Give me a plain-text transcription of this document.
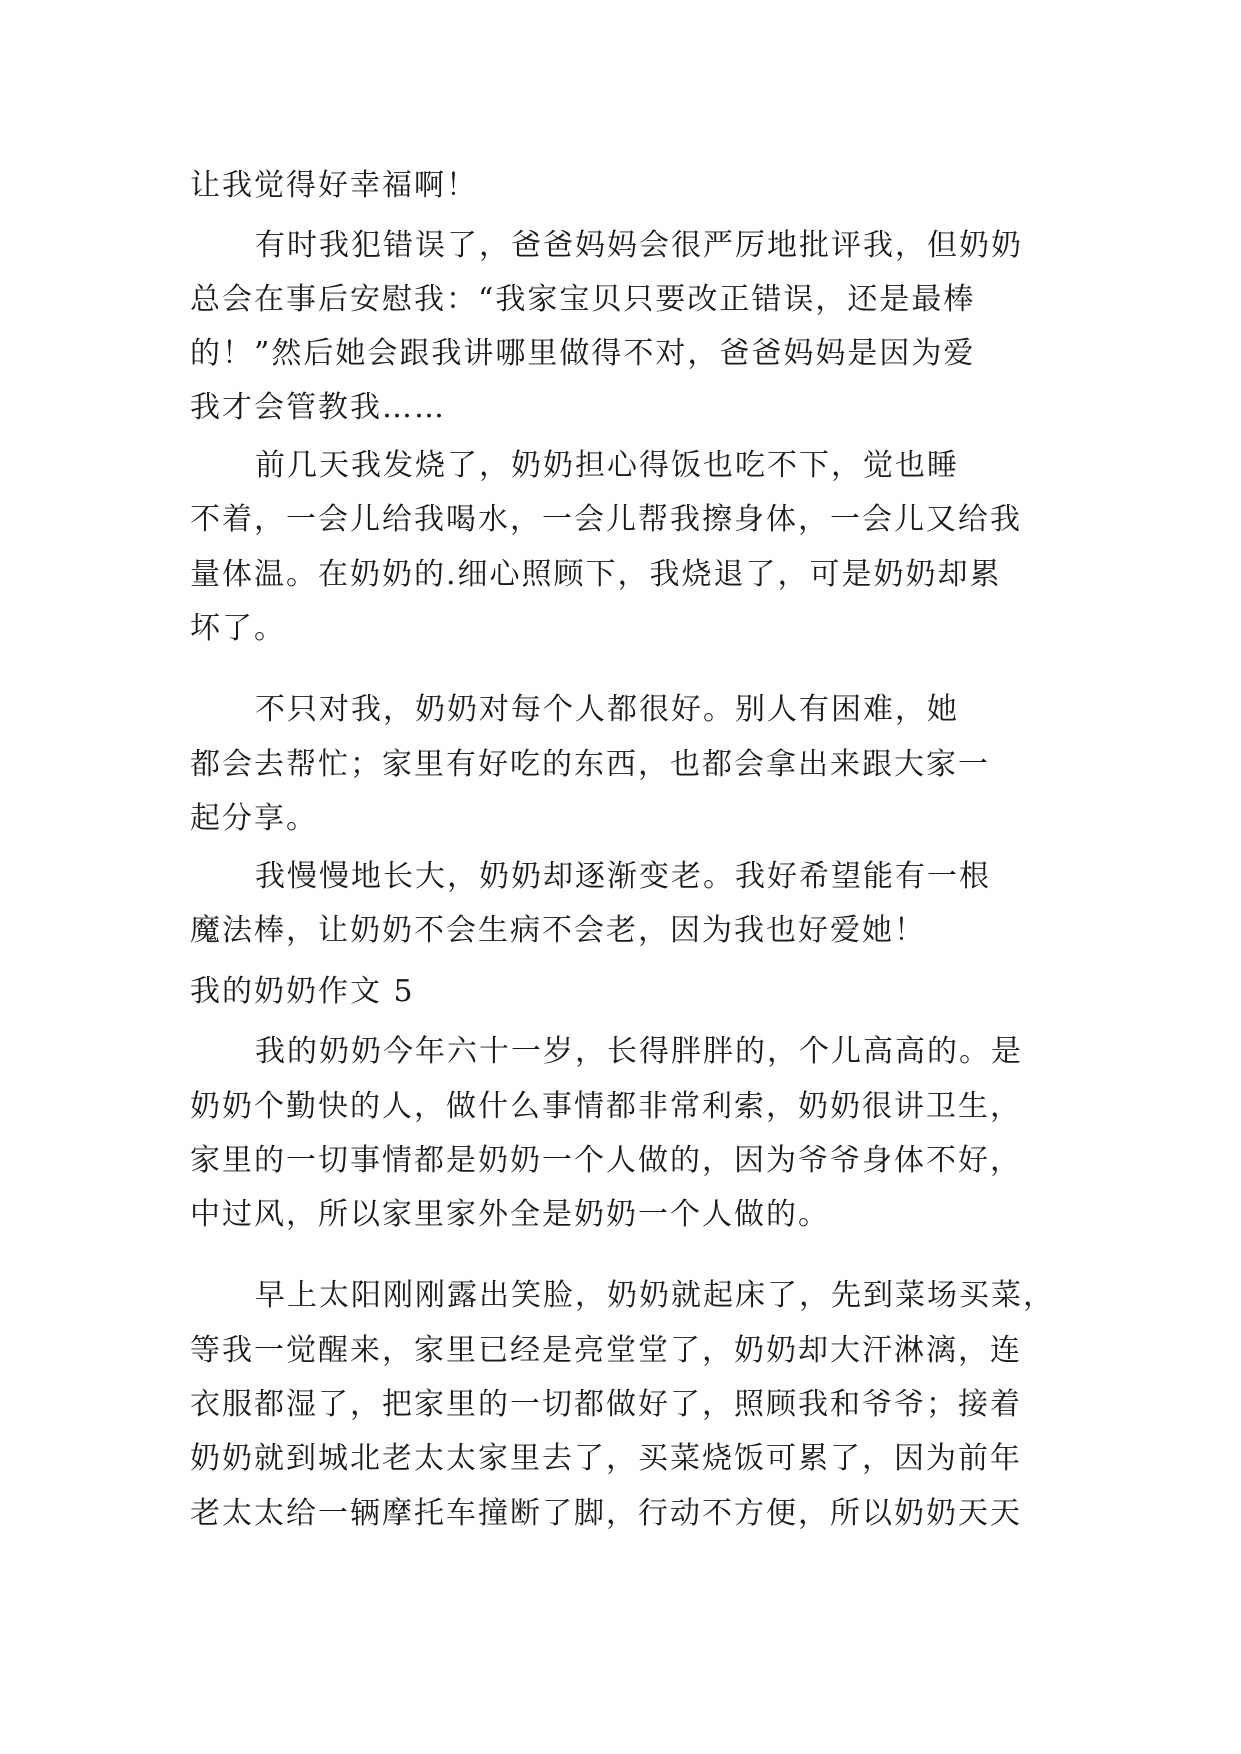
让我觉得好幸福啊！
有时我犯错误了，爸爸妈妈会很严厉地批评我，但奶奶
总会在事后安慰我：“我家宝贝只要改正错误，还是最棒
的！”然后她会跟我讲哪里做得不对，爸爸妈妈是因为爱
我才会管教我……
前几天我发烧了，奶奶担心得饭也吃不下，觉也睡
不着，一会儿给我喝水，一会儿帮我擦身体，一会儿又给我
量体温。在奶奶的.细心照顾下，我烧退了，可是奶奶却累
坏了。
不只对我，奶奶对每个人都很好。别人有困难，她
都会去帮忙；家里有好吃的东西，也都会拿出来跟大家一
起分享。
我慢慢地长大，奶奶却逐渐变老。我好希望能有一根
魔法棒，让奶奶不会生病不会老，因为我也好爱她！
我的奶奶作文 5
我的奶奶今年六十一岁，长得胖胖的，个儿高高的。是
奶奶个勤快的人，做什么事情都非常利索，奶奶很讲卫生，
家里的一切事情都是奶奶一个人做的，因为爷爷身体不好，
中过风，所以家里家外全是奶奶一个人做的。
早上太阳刚刚露出笑脸，奶奶就起床了，先到菜场买菜，
等我一觉醒来，家里已经是亮堂堂了，奶奶却大汗淋漓，连
衣服都湿了，把家里的一切都做好了，照顾我和爷爷；接着
奶奶就到城北老太太家里去了，买菜烧饭可累了，因为前年
老太太给一辆摩托车撞断了脚，行动不方便，所以奶奶天天
